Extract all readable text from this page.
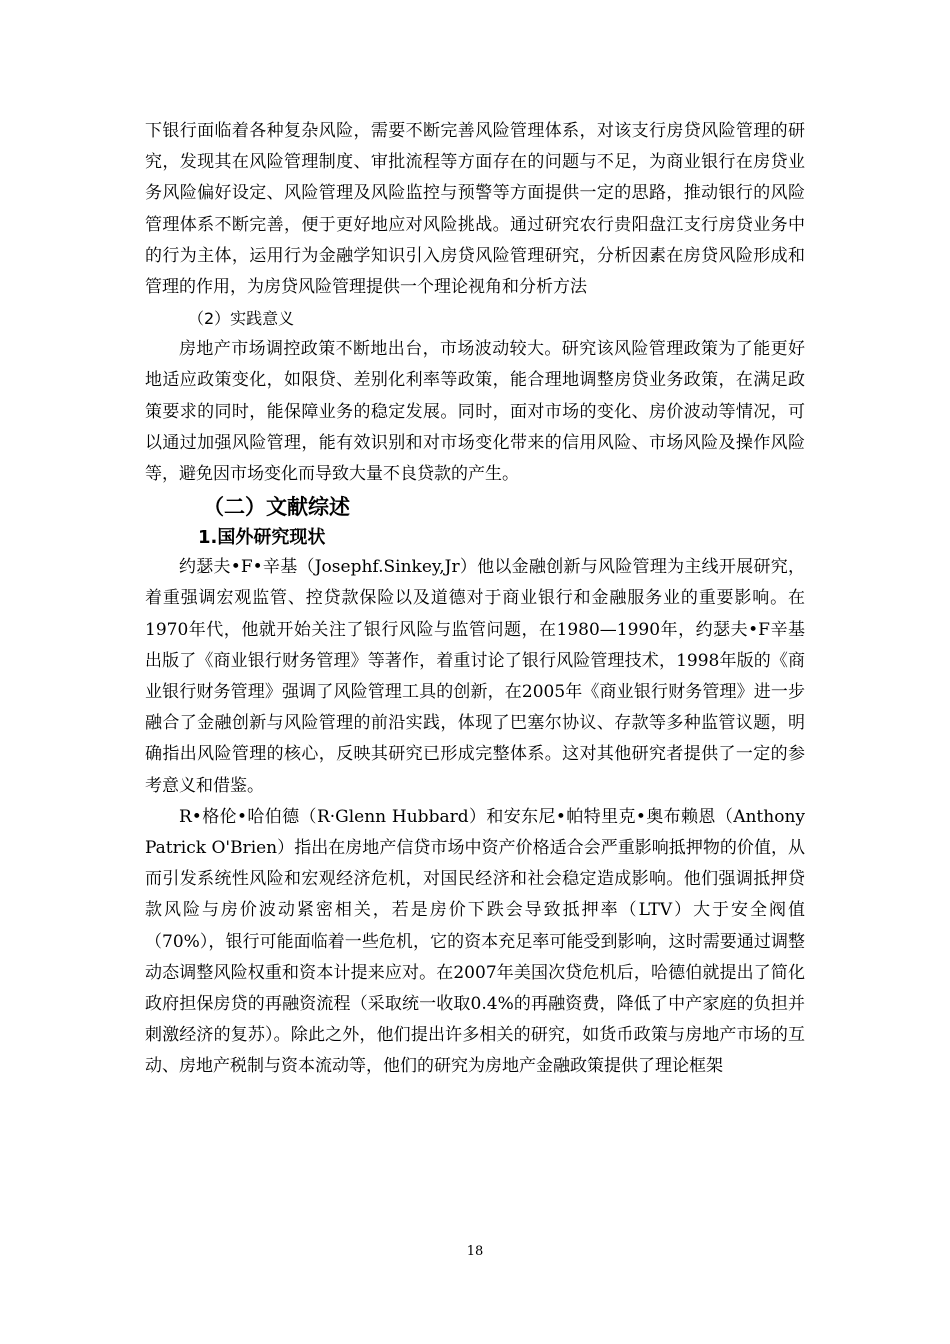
下银行面临着各种复杂风险，需要不断完善风险管理体系，对该支行房贷风险管理的研究，发现其在风险管理制度、审批流程等方面存在的问题与不足，为商业银行在房贷业务风险偏好设定、风险管理及风险监控与预警等方面提供一定的思路，推动银行的风险管理体系不断完善，便于更好地应对风险挑战。通过研究农行贵阳盘江支行房贷业务中的行为主体，运用行为金融学知识引入房贷风险管理研究，分析因素在房贷风险形成和管理的作用，为房贷风险管理提供一个理论视角和分析方法

（2）实践意义

房地产市场调控政策不断地出台，市场波动较大。研究该风险管理政策为了能更好地适应政策变化，如限贷、差别化利率等政策，能合理地调整房贷业务政策，在满足政策要求的同时，能保障业务的稳定发展。同时，面对市场的变化、房价波动等情况，可以通过加强风险管理，能有效识别和对市场变化带来的信用风险、市场风险及操作风险等，避免因市场变化而导致大量不良贷款的产生。

（二）文献综述
1.国外研究现状

约瑟夫•F•辛基（Josephf.Sinkey,Jr）他以金融创新与风险管理为主线开展研究，着重强调宏观监管、控贷款保险以及道德对于商业银行和金融服务业的重要影响。在1970年代，他就开始关注了银行风险与监管问题，在1980—1990年，约瑟夫•F辛基出版了《商业银行财务管理》等著作，着重讨论了银行风险管理技术，1998年版的《商业银行财务管理》强调了风险管理工具的创新，在2005年《商业银行财务管理》进一步融合了金融创新与风险管理的前沿实践，体现了巴塞尔协议、存款等多种监管议题，明确指出风险管理的核心，反映其研究已形成完整体系。这对其他研究者提供了一定的参考意义和借鉴。

R•格伦•哈伯德（R·Glenn Hubbard）和安东尼•帕特里克•奥布赖恩（Anthony Patrick O'Brien）指出在房地产信贷市场中资产价格适合会严重影响抵押物的价值，从而引发系统性风险和宏观经济危机，对国民经济和社会稳定造成影响。他们强调抵押贷款风险与房价波动紧密相关，若是房价下跌会导致抵押率（LTV）大于安全阀值（70%），银行可能面临着一些危机，它的资本充足率可能受到影响，这时需要通过调整动态调整风险权重和资本计提来应对。在2007年美国次贷危机后，哈德伯就提出了简化政府担保房贷的再融资流程（采取统一收取0.4%的再融资费，降低了中产家庭的负担并刺激经济的复苏）。除此之外，他们提出许多相关的研究，如货币政策与房地产市场的互动、房地产税制与资本流动等，他们的研究为房地产金融政策提供了理论框架

18
